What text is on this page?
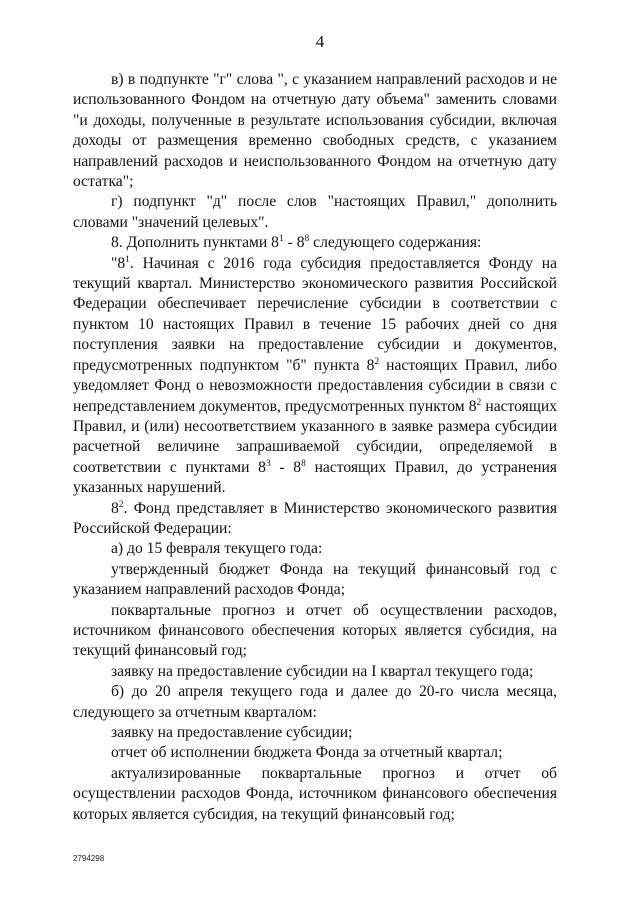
4

в) в подпункте "г" слова ", с указанием направлений расходов и не использованного Фондом на отчетную дату объема" заменить словами "и доходы, полученные в результате использования субсидии, включая доходы от размещения временно свободных средств, с указанием направлений расходов и неиспользованного Фондом на отчетную дату остатка";

г) подпункт "д" после слов "настоящих Правил," дополнить словами "значений целевых".

8. Дополнить пунктами $8^1 - 8^8$ следующего содержания:

"$8^1$. Начиная с 2016 года субсидия предоставляется Фонду на текущий квартал. Министерство экономического развития Российской Федерации обеспечивает перечисление субсидии в соответствии с пунктом 10 настоящих Правил в течение 15 рабочих дней со дня поступления заявки на предоставление субсидии и документов, предусмотренных подпунктом "б" пункта $8^2$ настоящих Правил, либо уведомляет Фонд о невозможности предоставления субсидии в связи с непредставлением документов, предусмотренных пунктом $8^2$ настоящих Правил, и (или) несоответствием указанного в заявке размера субсидии расчетной величине запрашиваемой субсидии, определяемой в соответствии с пунктами $8^3 - 8^8$ настоящих Правил, до устранения указанных нарушений.

$8^2$. Фонд представляет в Министерство экономического развития Российской Федерации:

а) до 15 февраля текущего года:

утвержденный бюджет Фонда на текущий финансовый год с указанием направлений расходов Фонда;

поквартальные прогноз и отчет об осуществлении расходов, источником финансового обеспечения которых является субсидия, на текущий финансовый год;

заявку на предоставление субсидии на I квартал текущего года;

б) до 20 апреля текущего года и далее до 20-го числа месяца, следующего за отчетным кварталом:

заявку на предоставление субсидии;

отчет об исполнении бюджета Фонда за отчетный квартал;

актуализированные поквартальные прогноз и отчет об осуществлении расходов Фонда, источником финансового обеспечения которых является субсидия, на текущий финансовый год;

2794298
